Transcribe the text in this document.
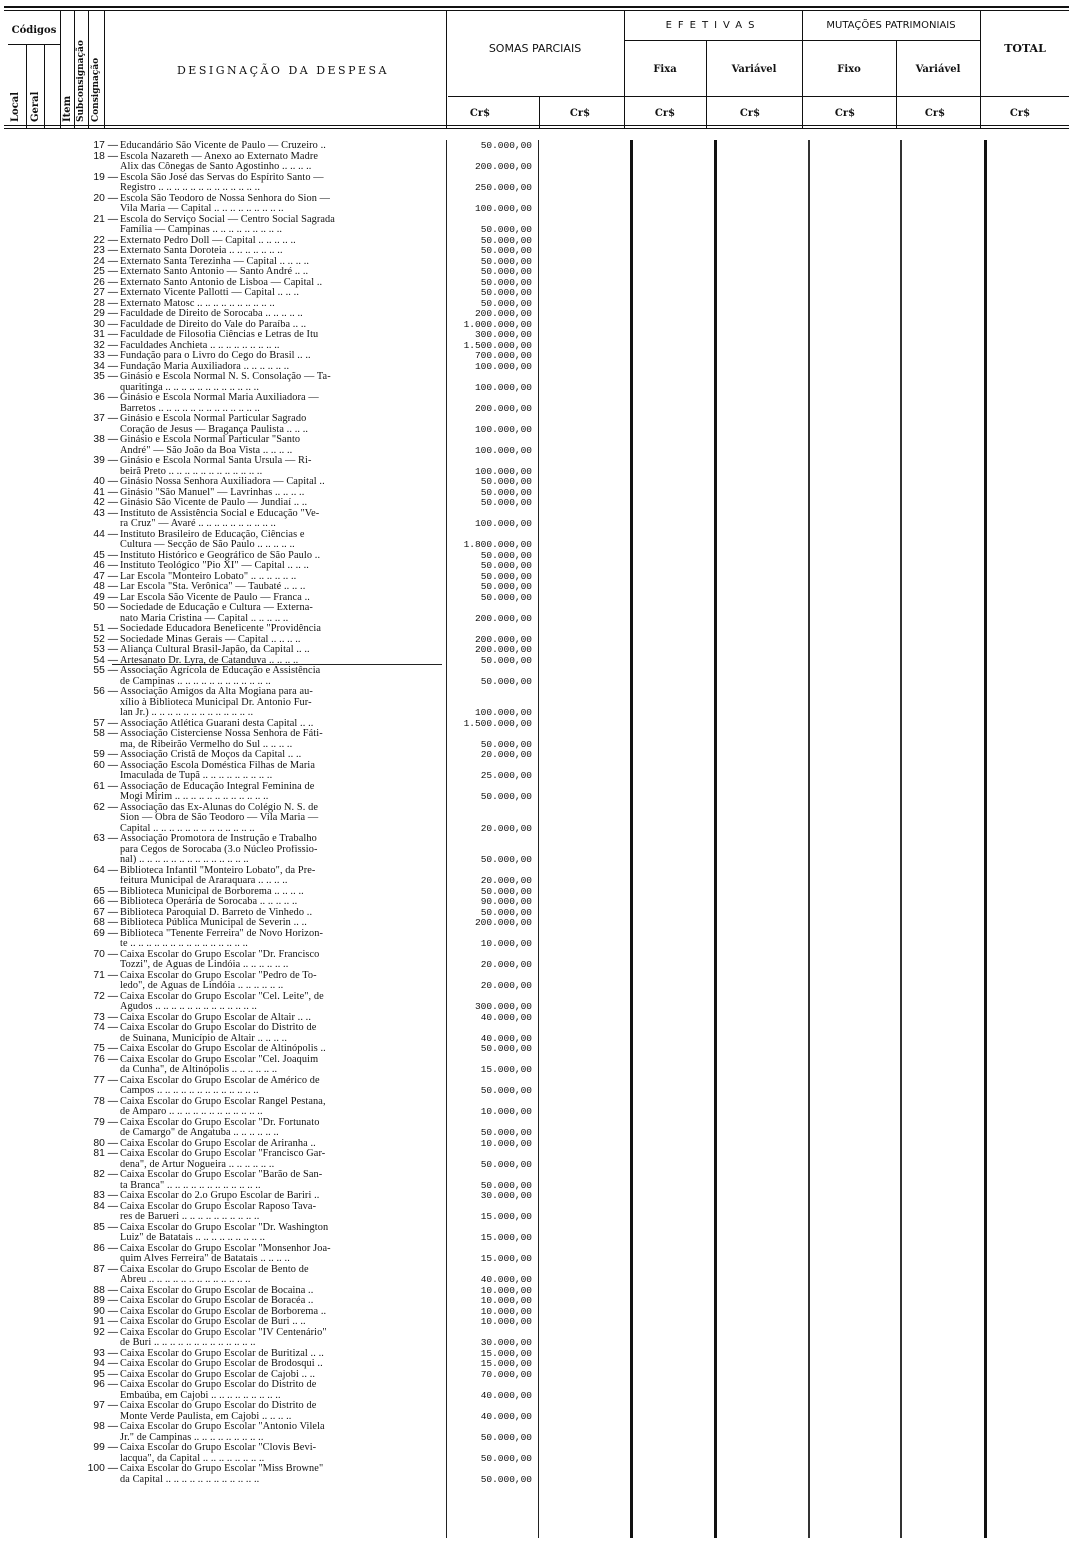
Códigos
Local Geral Item Subconsignação Consignação	DESIGNAÇÃO DA DESPESA
SOMAS PARCIAIS
EFETIVAS
Fixa	Variável
MUTAÇÕES PATRIMONIAIS
Fixo	Variável
TOTAL
Cr$	Cr$	Cr$	Cr$	Cr$	Cr$	Cr$
17 — Educandário São Vicente de Paulo — Cruzeiro ..	50.000,00
18 — Escola Nazareth — Anexo ao Externato Madre
Alix das Cônegas de Santo Agostinho .. .. .. ..	200.000,00
19 — Escola São José das Servas do Espírito Santo —
Registro .. .. .. .. .. .. .. .. .. .. .. .. ..	250.000,00
20 — Escola São Teodoro de Nossa Senhora do Sion —
Vila Maria — Capital .. .. .. .. .. .. .. .. ..	100.000,00
21 — Escola do Serviço Social — Centro Social Sagrada
Família — Campinas .. .. .. .. .. .. .. .. ..	50.000,00
22 — Externato Pedro Doll — Capital .. .. .. .. ..	50.000,00
23 — Externato Santa Doroteia .. .. .. .. .. .. ..	50.000,00
24 — Externato Santa Terezinha — Capital .. .. .. ..	50.000,00
25 — Externato Santo Antonio — Santo André .. ..	50.000,00
26 — Externato Santo Antonio de Lisboa — Capital ..	50.000,00
27 — Externato Vicente Pallotti — Capital .. .. ..	50.000,00
28 — Externato Matosc .. .. .. .. .. .. .. .. .. ..	50.000,00
29 — Faculdade de Direito de Sorocaba .. .. .. .. ..	200.000,00
30 — Faculdade de Direito do Vale do Paraíba .. ..	1.000.000,00
31 — Faculdade de Filosofia Ciências e Letras de Itu	300.000,00
32 — Faculdades Anchieta .. .. .. .. .. .. .. .. ..	1.500.000,00
33 — Fundação para o Livro do Cego do Brasil .. ..	700.000,00
34 — Fundação Maria Auxiliadora .. .. .. .. .. ..	100.000,00
35 — Ginásio e Escola Normal N. S. Consolação — Ta-
quaritinga .. .. .. .. .. .. .. .. .. .. .. ..	100.000,00
36 — Ginásio e Escola Normal Maria Auxiliadora —
Barretos .. .. .. .. .. .. .. .. .. .. .. .. ..	200.000,00
37 — Ginásio e Escola Normal Particular Sagrado
Coração de Jesus — Bragança Paulista .. .. ..	100.000,00
38 — Ginásio e Escola Normal Particular "Santo
André" — São João da Boa Vista .. .. .. ..	100.000,00
39 — Ginásio e Escola Normal Santa Úrsula — Ri-
beirã Preto .. .. .. .. .. .. .. .. .. .. .. ..	100.000,00
40 — Ginásio Nossa Senhora Auxiliadora — Capital ..	50.000,00
41 — Ginásio "São Manuel" — Lavrinhas .. .. .. ..	50.000,00
42 — Ginásio São Vicente de Paulo — Jundiaí .. ..	50.000,00
43 — Instituto de Assistência Social e Educação "Ve-
ra Cruz" — Avaré .. .. .. .. .. .. .. .. .. ..	100.000,00
44 — Instituto Brasileiro de Educação, Ciências e
Cultura — Secção de São Paulo .. .. .. .. ..	1.800.000,00
45 — Instituto Histórico e Geográfico de São Paulo ..	50.000,00
46 — Instituto Teológico "Pio XI" — Capital .. .. ..	50.000,00
47 — Lar Escola "Monteiro Lobato" .. .. .. .. .. ..	50.000,00
48 — Lar Escola "Sta. Verônica" — Taubaté .. .. ..	50.000,00
49 — Lar Escola São Vicente de Paulo — Franca ..	50.000,00
50 — Sociedade de Educação e Cultura — Externa-
nato Maria Cristina — Capital .. .. .. .. ..	200.000,00
51 — Sociedade Educadora Beneficente "Providência
52 — Sociedade Minas Gerais — Capital .. .. .. ..	200.000,00
53 — Aliança Cultural Brasil-Japão, da Capital .. ..	200.000,00
54 — Artesanato Dr. Lyra, de Catanduva .. .. .. ..	50.000,00
55 — Associação Agrícola de Educação e Assistência
de Campinas .. .. .. .. .. .. .. .. .. .. .. ..	50.000,00
56 — Associação Amigos da Alta Mogiana para au-
xílio à Biblioteca Municipal Dr. Antonio Fur-
lan Jr.) .. .. .. .. .. .. .. .. .. .. .. .. ..	100.000,00
57 — Associação Atlética Guarani desta Capital .. ..	1.500.000,00
58 — Associação Cisterciense Nossa Senhora de Fáti-
ma, de Ribeirão Vermelho do Sul .. .. .. ..	50.000,00
59 — Associação Cristã de Moços da Capital .. ..	20.000,00
60 — Associação Escola Doméstica Filhas de Maria
Imaculada de Tupã .. .. .. .. .. .. .. .. ..	25.000,00
61 — Associação de Educação Integral Feminina de
Mogi Mirim .. .. .. .. .. .. .. .. .. .. .. ..	50.000,00
62 — Associação das Ex-Alunas do Colégio N. S. de
Sion — Obra de São Teodoro — Vila Maria —
Capital .. .. .. .. .. .. .. .. .. .. .. .. ..	20.000,00
63 — Associação Promotora de Instrução e Trabalho
para Cegos de Sorocaba (3.o Núcleo Profissio-
nal) .. .. .. .. .. .. .. .. .. .. .. .. .. ..	50.000,00
64 — Biblioteca Infantil "Monteiro Lobato", da Pre-
feitura Municipal de Araraquara .. .. .. ..	20.000,00
65 — Biblioteca Municipal de Borborema .. .. .. ..	50.000,00
66 — Biblioteca Operária de Sorocaba .. .. .. .. ..	90.000,00
67 — Biblioteca Paroquial D. Barreto de Vinhedo ..	50.000,00
68 — Biblioteca Pública Municipal de Severin .. ..	200.000,00
69 — Biblioteca "Tenente Ferreira" de Novo Horizon-
te .. .. .. .. .. .. .. .. .. .. .. .. .. .. ..	10.000,00
70 — Caixa Escolar do Grupo Escolar "Dr. Francisco
Tozzi", de Águas de Lindóia .. .. .. .. .. ..	20.000,00
71 — Caixa Escolar do Grupo Escolar "Pedro de To-
ledo", de Águas de Lindóia .. .. .. .. .. ..	20.000,00
72 — Caixa Escolar do Grupo Escolar "Cel. Leite", de
Agudos .. .. .. .. .. .. .. .. .. .. .. .. ..	300.000,00
73 — Caixa Escolar do Grupo Escolar de Altair .. ..	40.000,00
74 — Caixa Escolar do Grupo Escolar do Distrito de
de Suinana, Município de Altair .. .. .. ..	40.000,00
75 — Caixa Escolar do Grupo Escolar de Altinópolis ..	50.000,00
76 — Caixa Escolar do Grupo Escolar "Cel. Joaquim
da Cunha", de Altinópolis .. .. .. .. .. ..	15.000,00
77 — Caixa Escolar do Grupo Escolar de Américo de
Campos .. .. .. .. .. .. .. .. .. .. .. .. ..	50.000,00
78 — Caixa Escolar do Grupo Escolar Rangel Pestana,
de Amparo .. .. .. .. .. .. .. .. .. .. .. ..	10.000,00
79 — Caixa Escolar do Grupo Escolar "Dr. Fortunato
de Camargo" de Angatuba .. .. .. .. .. ..	50.000,00
80 — Caixa Escolar do Grupo Escolar de Ariranha ..	10.000,00
81 — Caixa Escolar do Grupo Escolar "Francisco Gar-
dena", de Artur Nogueira .. .. .. .. .. ..	50.000,00
82 — Caixa Escolar do Grupo Escolar "Barão de San-
ta Branca" .. .. .. .. .. .. .. .. .. .. .. ..	50.000,00
83 — Caixa Escolar do 2.o Grupo Escolar de Bariri ..	30.000,00
84 — Caixa Escolar do Grupo Escolar Raposo Tava-
res de Barueri .. .. .. .. .. .. .. .. .. ..	15.000,00
85 — Caixa Escolar do Grupo Escolar "Dr. Washington
Luiz" de Batatais .. .. .. .. .. .. .. .. ..	15.000,00
86 — Caixa Escolar do Grupo Escolar "Monsenhor Joa-
quim Alves Ferreira" de Batatais .. .. .. ..	15.000,00
87 — Caixa Escolar do Grupo Escolar de Bento de
Abreu .. .. .. .. .. .. .. .. .. .. .. .. ..	40.000,00
88 — Caixa Escolar do Grupo Escolar de Bocaina ..	10.000,00
89 — Caixa Escolar do Grupo Escolar de Boracéa ..	10.000,00
90 — Caixa Escolar do Grupo Escolar de Borborema ..	10.000,00
91 — Caixa Escolar do Grupo Escolar de Buri .. ..	10.000,00
92 — Caixa Escolar do Grupo Escolar "IV Centenário"
de Buri .. .. .. .. .. .. .. .. .. .. .. .. ..	30.000,00
93 — Caixa Escolar do Grupo Escolar de Buritizal .. ..	15.000,00
94 — Caixa Escolar do Grupo Escolar de Brodosqui ..	15.000,00
95 — Caixa Escolar do Grupo Escolar de Cajobi .. ..	70.000,00
96 — Caixa Escolar do Grupo Escolar do Distrito de
Embaúba, em Cajobi .. .. .. .. .. .. .. .. ..	40.000,00
97 — Caixa Escolar do Grupo Escolar do Distrito de
Monte Verde Paulista, em Cajobi .. .. .. ..	40.000,00
98 — Caixa Escolar do Grupo Escolar "Antonio Vilela
Jr." de Campinas .. .. .. .. .. .. .. .. ..	50.000,00
99 — Caixa Escolar do Grupo Escolar "Clovis Bevi-
lacqua", da Capital .. .. .. .. .. .. .. ..	50.000,00
100 — Caixa Escolar do Grupo Escolar "Miss Browne"
da Capital .. .. .. .. .. .. .. .. .. .. .. ..	50.000,00
